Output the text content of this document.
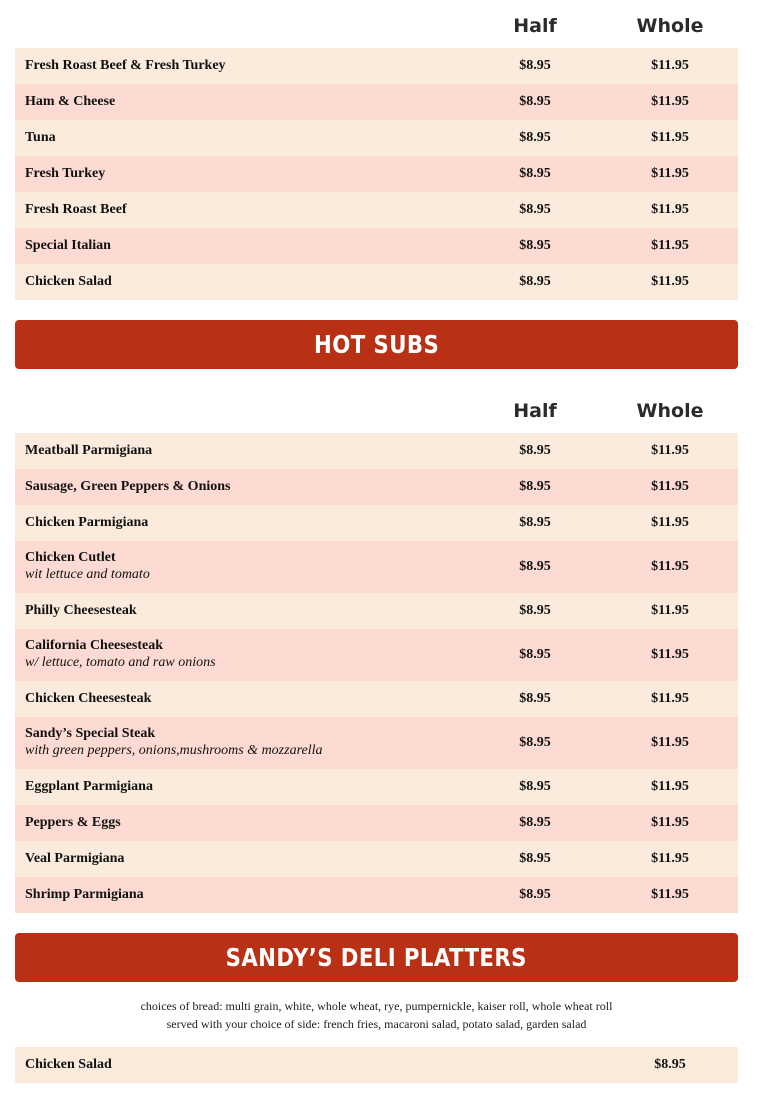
Half	Whole
Fresh Roast Beef & Fresh Turkey	$8.95	$11.95
Ham & Cheese	$8.95	$11.95
Tuna	$8.95	$11.95
Fresh Turkey	$8.95	$11.95
Fresh Roast Beef	$8.95	$11.95
Special Italian	$8.95	$11.95
Chicken Salad	$8.95	$11.95
HOT SUBS
Half	Whole
Meatball Parmigiana	$8.95	$11.95
Sausage, Green Peppers & Onions	$8.95	$11.95
Chicken Parmigiana	$8.95	$11.95
Chicken Cutlet
wit lettuce and tomato
$8.95	$11.95
Philly Cheesesteak	$8.95	$11.95
California Cheesesteak
w/ lettuce, tomato and raw onions
$8.95	$11.95
Chicken Cheesesteak	$8.95	$11.95
Sandy’s Special Steak
with green peppers, onions,mushrooms & mozzarella
$8.95	$11.95
Eggplant Parmigiana	$8.95	$11.95
Peppers & Eggs	$8.95	$11.95
Veal Parmigiana	$8.95	$11.95
Shrimp Parmigiana	$8.95	$11.95
SANDY’S DELI PLATTERS
choices of bread: multi grain, white, whole wheat, rye, pumpernickle, kaiser roll, whole wheat roll
served with your choice of side: french fries, macaroni salad, potato salad, garden salad
Chicken Salad	$8.95
